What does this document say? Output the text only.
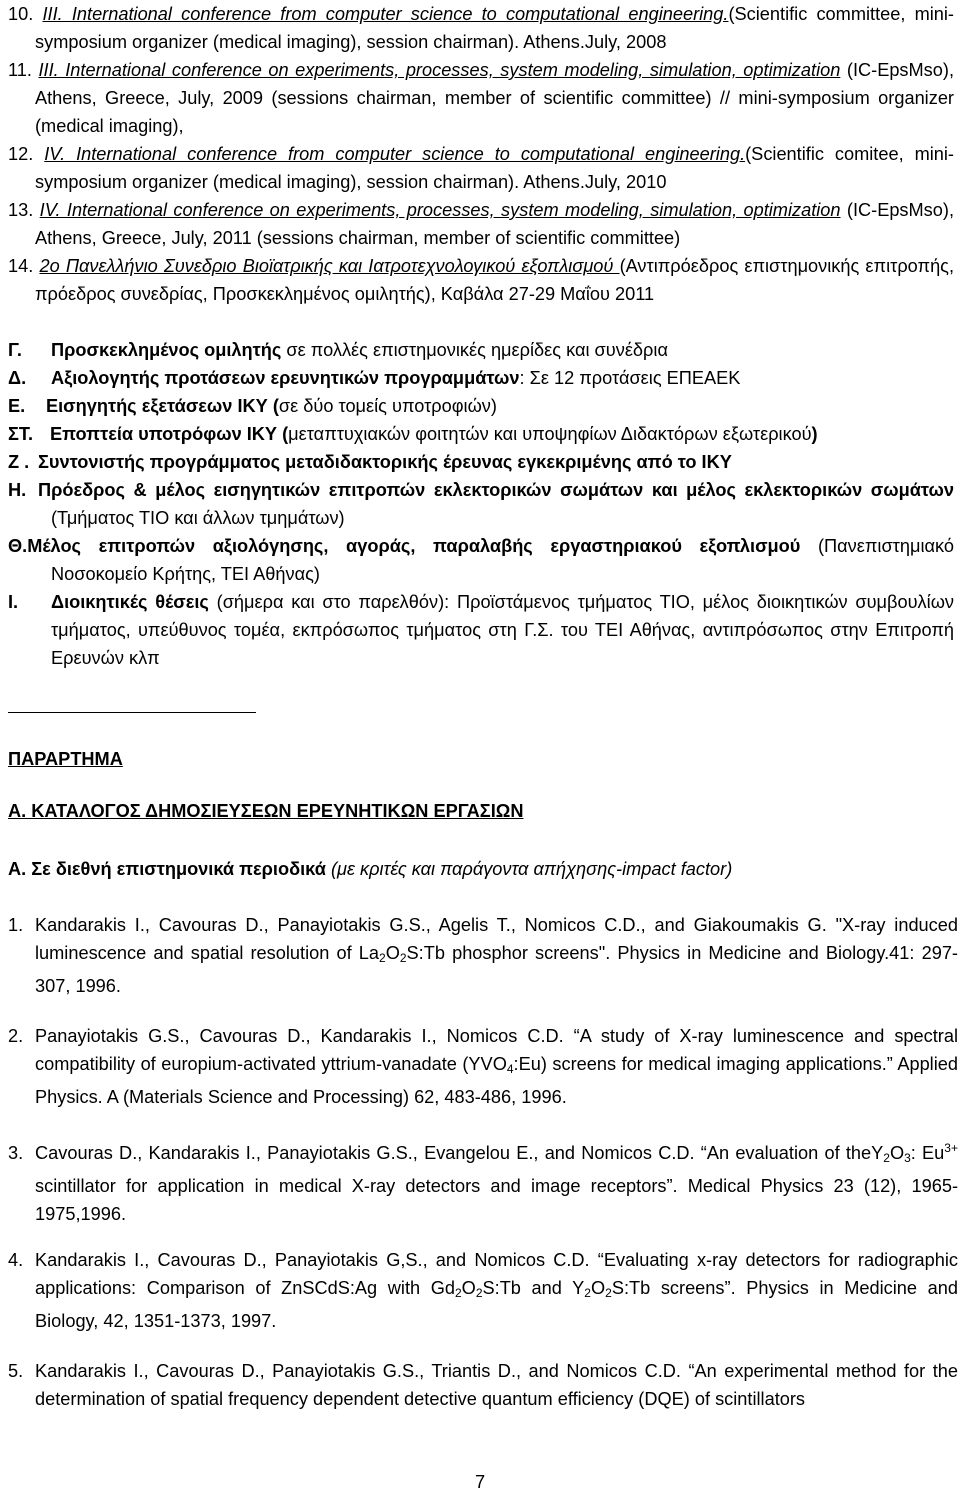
10. III. International conference from computer science to computational engineering.(Scientific committee, mini-symposium organizer (medical imaging), session chairman). Athens.July, 2008
11. III. International conference on experiments, processes, system modeling, simulation, optimization (IC-EpsMso), Athens, Greece, July, 2009 (sessions chairman, member of scientific committee) // mini-symposium organizer (medical imaging),
12. IV. International conference from computer science to computational engineering.(Scientific comitee, mini-symposium organizer (medical imaging), session chairman). Athens.July, 2010
13. IV. International conference on experiments, processes, system modeling, simulation, optimization (IC-EpsMso), Athens, Greece, July, 2011 (sessions chairman, member of scientific committee)
14. 2ο Πανελλήνιο Συνεδριο Βιοϊατρικής και Ιατροτεχνολογικού εξοπλισμού (Αντιπρόεδρος επιστημονικής επιτροπής, πρόεδρος συνεδρίας, Προσκεκλημένος ομιλητής), Καβάλα 27-29 Μαΐου 2011
Γ. Προσκεκλημένος ομιλητής σε πολλές επιστημονικές ημερίδες και συνέδρια
Δ. Αξιολογητής προτάσεων ερευνητικών προγραμμάτων: Σε 12 προτάσεις ΕΠΕΑΕΚ
Ε. Εισηγητής εξετάσεων ΙΚΥ (σε δύο τομείς υποτροφιών)
ΣΤ. Εποπτεία υποτρόφων ΙΚΥ (μεταπτυχιακών φοιτητών και υποψηφίων Διδακτόρων εξωτερικού)
Ζ . Συντονιστής προγράμματος μεταδιδακτορικής έρευνας εγκεκριμένης από το ΙΚΥ
Η. Πρόεδρος & μέλος εισηγητικών επιτροπών εκλεκτορικών σωμάτων και μέλος εκλεκτορικών σωμάτων (Τμήματος ΤΙΟ και άλλων τμημάτων)
Θ.Μέλος επιτροπών αξιολόγησης, αγοράς, παραλαβής εργαστηριακού εξοπλισμού (Πανεπιστημιακό Νοσοκομείο Κρήτης, ΤΕΙ Αθήνας)
Ι. Διοικητικές θέσεις (σήμερα και στο παρελθόν): Προϊστάμενος τμήματος ΤΙΟ, μέλος διοικητικών συμβουλίων τμήματος, υπεύθυνος τομέα, εκπρόσωπος τμήματος στη Γ.Σ. του ΤΕΙ Αθήνας, αντιπρόσωπος στην Επιτροπή Ερευνών κλπ
ΠΑΡΑΡΤΗΜΑ
Α. ΚΑΤΑΛΟΓΟΣ ΔΗΜΟΣΙΕΥΣΕΩΝ ΕΡΕΥΝΗΤΙΚΩΝ ΕΡΓΑΣΙΩΝ
Α. Σε διεθνή επιστημονικά περιοδικά (με κριτές και παράγοντα απήχησης-impact factor)
1. Kandarakis I., Cavouras D., Panayiotakis G.S., Agelis T., Nomicos C.D., and Giakoumakis G. "X-ray induced luminescence and spatial resolution of $La_2O_2S:Tb$ phosphor screens". Physics in Medicine and Biology.41: 297-307, 1996.
2. Panayiotakis G.S., Cavouras D., Kandarakis I., Nomicos C.D. “A study of X-ray luminescence and spectral compatibility of europium-activated yttrium-vanadate $(YVO_4:Eu)$ screens for medical imaging applications.” Applied Physics. A (Materials Science and Processing) 62, 483-486, 1996.
3. Cavouras D., Kandarakis I., Panayiotakis G.S., Evangelou E., and Nomicos C.D. “An evaluation of $theY_2O_3$: $Eu^{3+}$ scintillator for application in medical X-ray detectors and image receptors”. Medical Physics 23 (12), 1965-1975,1996.
4. Kandarakis I., Cavouras D., Panayiotakis G,S., and Nomicos C.D. “Evaluating x-ray detectors for radiographic applications: Comparison of ZnSCdS:Ag with $Gd_2O_2S:Tb$ and $Y_2O_2S:Tb$ screens”. Physics in Medicine and Biology, 42, 1351-1373, 1997.
5. Kandarakis I., Cavouras D., Panayiotakis G.S., Triantis D., and Nomicos C.D. “An experimental method for the determination of spatial frequency dependent detective quantum efficiency (DQE) of scintillators
7
